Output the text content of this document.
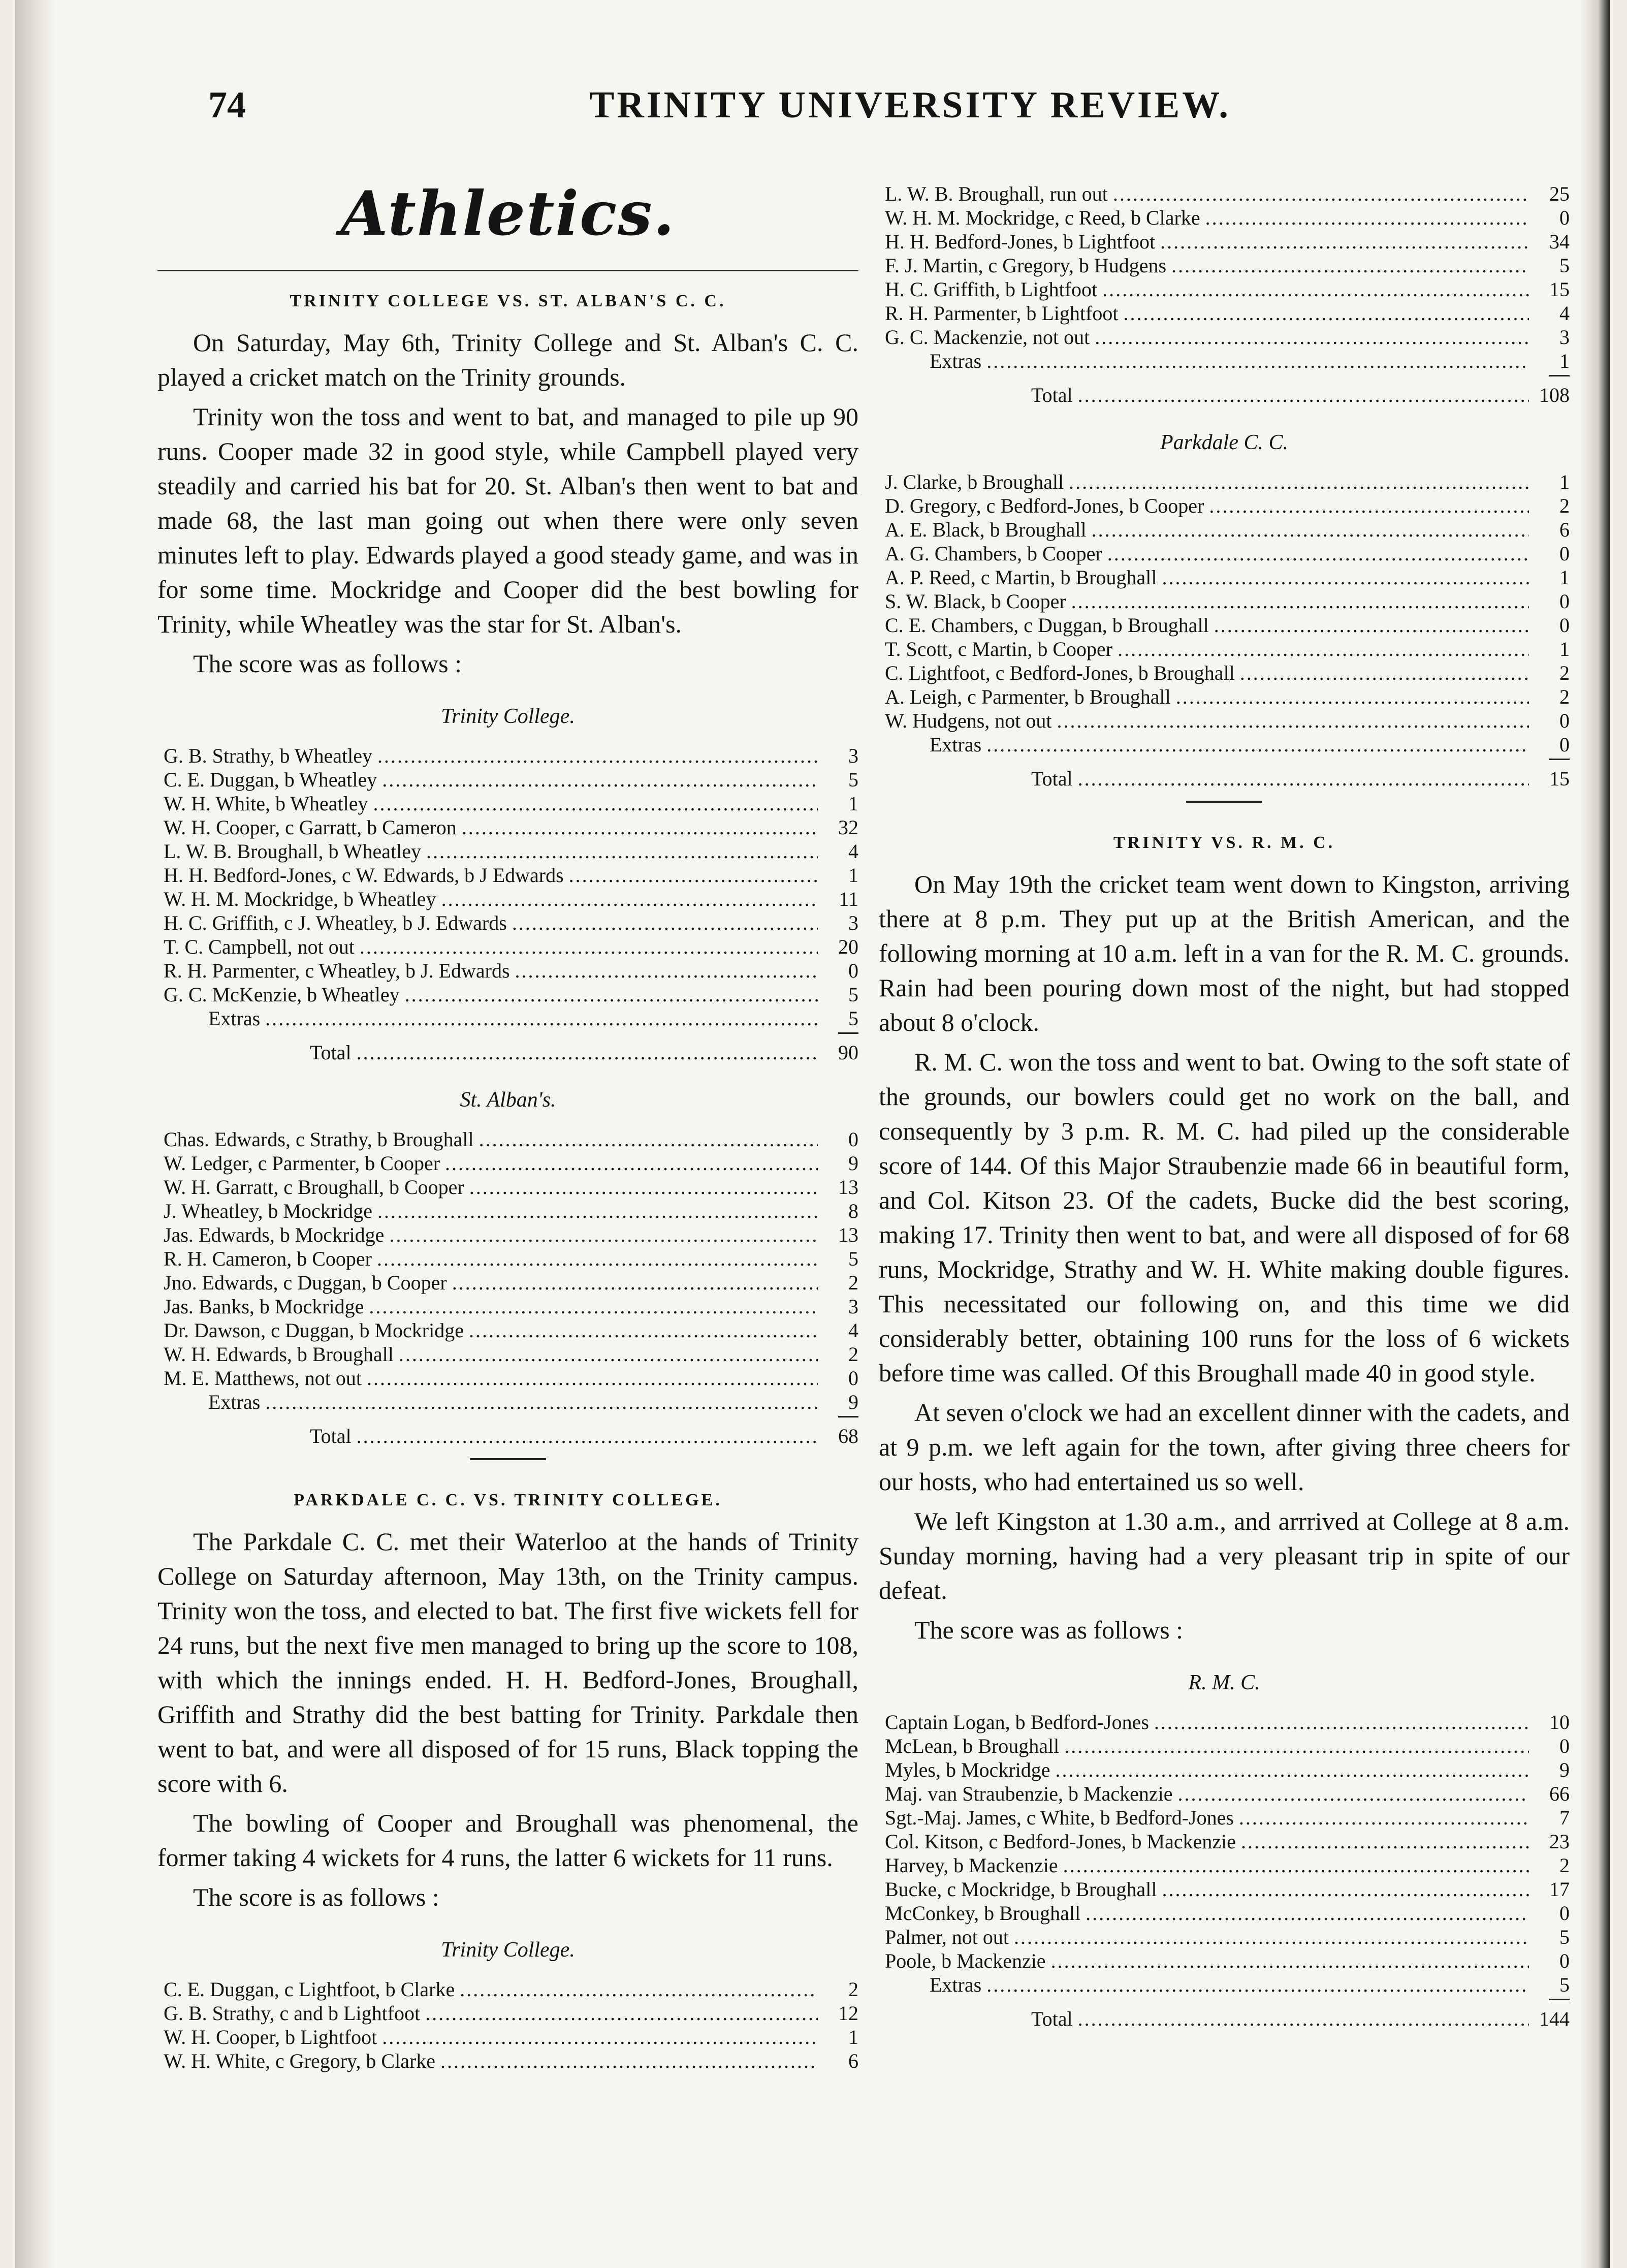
74	TRINITY UNIVERSITY REVIEW.
Athletics.
TRINITY COLLEGE VS. ST. ALBAN'S C. C.

On Saturday, May 6th, Trinity College and St. Alban's C. C. played a cricket match on the Trinity grounds.

Trinity won the toss and went to bat, and managed to pile up 90 runs. Cooper made 32 in good style, while Campbell played very steadily and carried his bat for 20. St. Alban's then went to bat and made 68, the last man going out when there were only seven minutes left to play. Edwards played a good steady game, and was in for some time. Mockridge and Cooper did the best bowling for Trinity, while Wheatley was the star for St. Alban's.

The score was as follows :

Trinity College.
G. B. Strathy, b Wheatley .....	3
C. E. Duggan, b Wheatley .....	5
W. H. White, b Wheatley .....	1
W. H. Cooper, c Garratt, b Cameron .....	32
L. W. B. Broughall, b Wheatley .....	4
H. H. Bedford-Jones, c W. Edwards, b J Edwards .....	1
W. H. M. Mockridge, b Wheatley .....	11
H. C. Griffith, c J. Wheatley, b J. Edwards .....	3
T. C. Campbell, not out .....	20
R. H. Parmenter, c Wheatley, b J. Edwards .....	0
G. C. McKenzie, b Wheatley .....	5
Extras .....	5
Total .....	90
St. Alban's.
Chas. Edwards, c Strathy, b Broughall .....	0
W. Ledger, c Parmenter, b Cooper .....	9
W. H. Garratt, c Broughall, b Cooper .....	13
J. Wheatley, b Mockridge .....	8
Jas. Edwards, b Mockridge .....	13
R. H. Cameron, b Cooper .....	5
Jno. Edwards, c Duggan, b Cooper .....	2
Jas. Banks, b Mockridge .....	3
Dr. Dawson, c Duggan, b Mockridge .....	4
W. H. Edwards, b Broughall .....	2
M. E. Matthews, not out .....	0
Extras .....	9
Total .....	68
PARKDALE C. C. VS. TRINITY COLLEGE.

The Parkdale C. C. met their Waterloo at the hands of Trinity College on Saturday afternoon, May 13th, on the Trinity campus. Trinity won the toss, and elected to bat. The first five wickets fell for 24 runs, but the next five men managed to bring up the score to 108, with which the innings ended. H. H. Bedford-Jones, Broughall, Griffith and Strathy did the best batting for Trinity. Parkdale then went to bat, and were all disposed of for 15 runs, Black topping the score with 6.

The bowling of Cooper and Broughall was phenomenal, the former taking 4 wickets for 4 runs, the latter 6 wickets for 11 runs.

The score is as follows :

Trinity College.
C. E. Duggan, c Lightfoot, b Clarke .....	2
G. B. Strathy, c and b Lightfoot .....	12
W. H. Cooper, b Lightfoot .....	1
W. H. White, c Gregory, b Clarke .....	6
L. W. B. Broughall, run out .....	25
W. H. M. Mockridge, c Reed, b Clarke .....	0
H. H. Bedford-Jones, b Lightfoot .....	34
F. J. Martin, c Gregory, b Hudgens .....	5
H. C. Griffith, b Lightfoot .....	15
R. H. Parmenter, b Lightfoot .....	4
G. C. Mackenzie, not out .....	3
Extras .....	1
Total .....	108
Parkdale C. C.
J. Clarke, b Broughall .....	1
D. Gregory, c Bedford-Jones, b Cooper .....	2
A. E. Black, b Broughall .....	6
A. G. Chambers, b Cooper .....	0
A. P. Reed, c Martin, b Broughall .....	1
S. W. Black, b Cooper .....	0
C. E. Chambers, c Duggan, b Broughall .....	0
T. Scott, c Martin, b Cooper .....	1
C. Lightfoot, c Bedford-Jones, b Broughall .....	2
A. Leigh, c Parmenter, b Broughall .....	2
W. Hudgens, not out .....	0
Extras .....	0
Total .....	15
TRINITY VS. R. M. C.

On May 19th the cricket team went down to Kingston, arriving there at 8 p.m. They put up at the British American, and the following morning at 10 a.m. left in a van for the R. M. C. grounds. Rain had been pouring down most of the night, but had stopped about 8 o'clock.

R. M. C. won the toss and went to bat. Owing to the soft state of the grounds, our bowlers could get no work on the ball, and consequently by 3 p.m. R. M. C. had piled up the considerable score of 144. Of this Major Straubenzie made 66 in beautiful form, and Col. Kitson 23. Of the cadets, Bucke did the best scoring, making 17. Trinity then went to bat, and were all disposed of for 68 runs, Mockridge, Strathy and W. H. White making double figures. This necessitated our following on, and this time we did considerably better, obtaining 100 runs for the loss of 6 wickets before time was called. Of this Broughall made 40 in good style.

At seven o'clock we had an excellent dinner with the cadets, and at 9 p.m. we left again for the town, after giving three cheers for our hosts, who had entertained us so well.

We left Kingston at 1.30 a.m., and arrrived at College at 8 a.m. Sunday morning, having had a very pleasant trip in spite of our defeat.

The score was as follows :

R. M. C.
Captain Logan, b Bedford-Jones .....	10
McLean, b Broughall .....	0
Myles, b Mockridge .....	9
Maj. van Straubenzie, b Mackenzie .....	66
Sgt.-Maj. James, c White, b Bedford-Jones .....	7
Col. Kitson, c Bedford-Jones, b Mackenzie .....	23
Harvey, b Mackenzie .....	2
Bucke, c Mockridge, b Broughall .....	17
McConkey, b Broughall .....	0
Palmer, not out .....	5
Poole, b Mackenzie .....	0
Extras .....	5
Total .....	144
